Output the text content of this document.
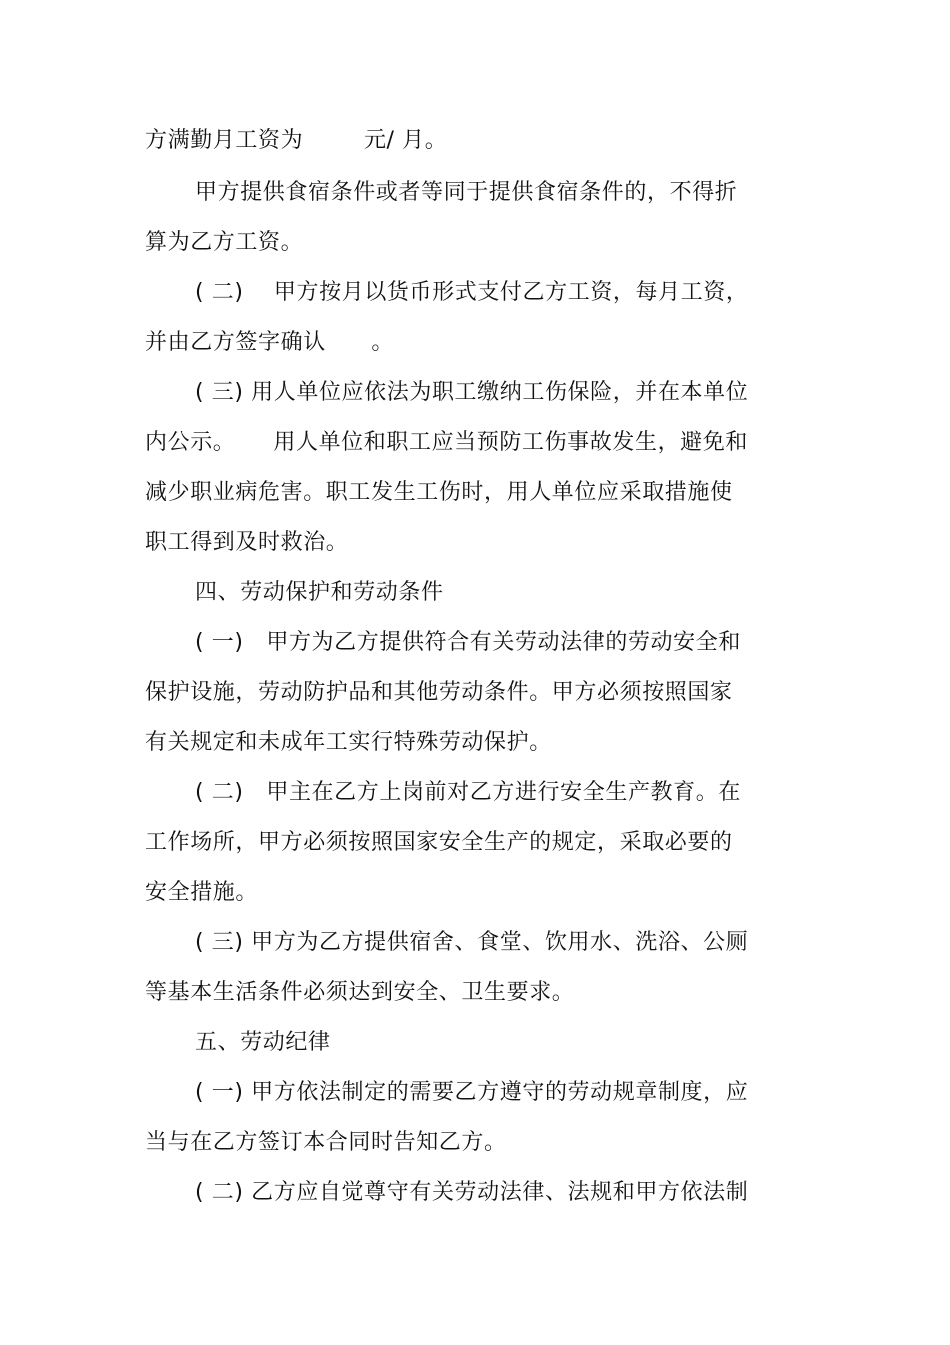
方满勤月工资为        元/ 月。
甲方提供食宿条件或者等同于提供食宿条件的，不得折
算为乙方工资。
( 二)    甲方按月以货币形式支付乙方工资，每月工资，
并由乙方签字确认      。
( 三) 用人单位应依法为职工缴纳工伤保险，并在本单位
内公示。     用人单位和职工应当预防工伤事故发生，避免和
减少职业病危害。职工发生工伤时，用人单位应采取措施使
职工得到及时救治。
四、劳动保护和劳动条件
( 一)   甲方为乙方提供符合有关劳动法律的劳动安全和
保护设施，劳动防护品和其他劳动条件。甲方必须按照国家
有关规定和未成年工实行特殊劳动保护。
( 二)   甲主在乙方上岗前对乙方进行安全生产教育。在
工作场所，甲方必须按照国家安全生产的规定，采取必要的
安全措施。
( 三) 甲方为乙方提供宿舍、食堂、饮用水、洗浴、公厕
等基本生活条件必须达到安全、卫生要求。
五、劳动纪律
( 一) 甲方依法制定的需要乙方遵守的劳动规章制度，应
当与在乙方签订本合同时告知乙方。
( 二) 乙方应自觉尊守有关劳动法律、法规和甲方依法制
